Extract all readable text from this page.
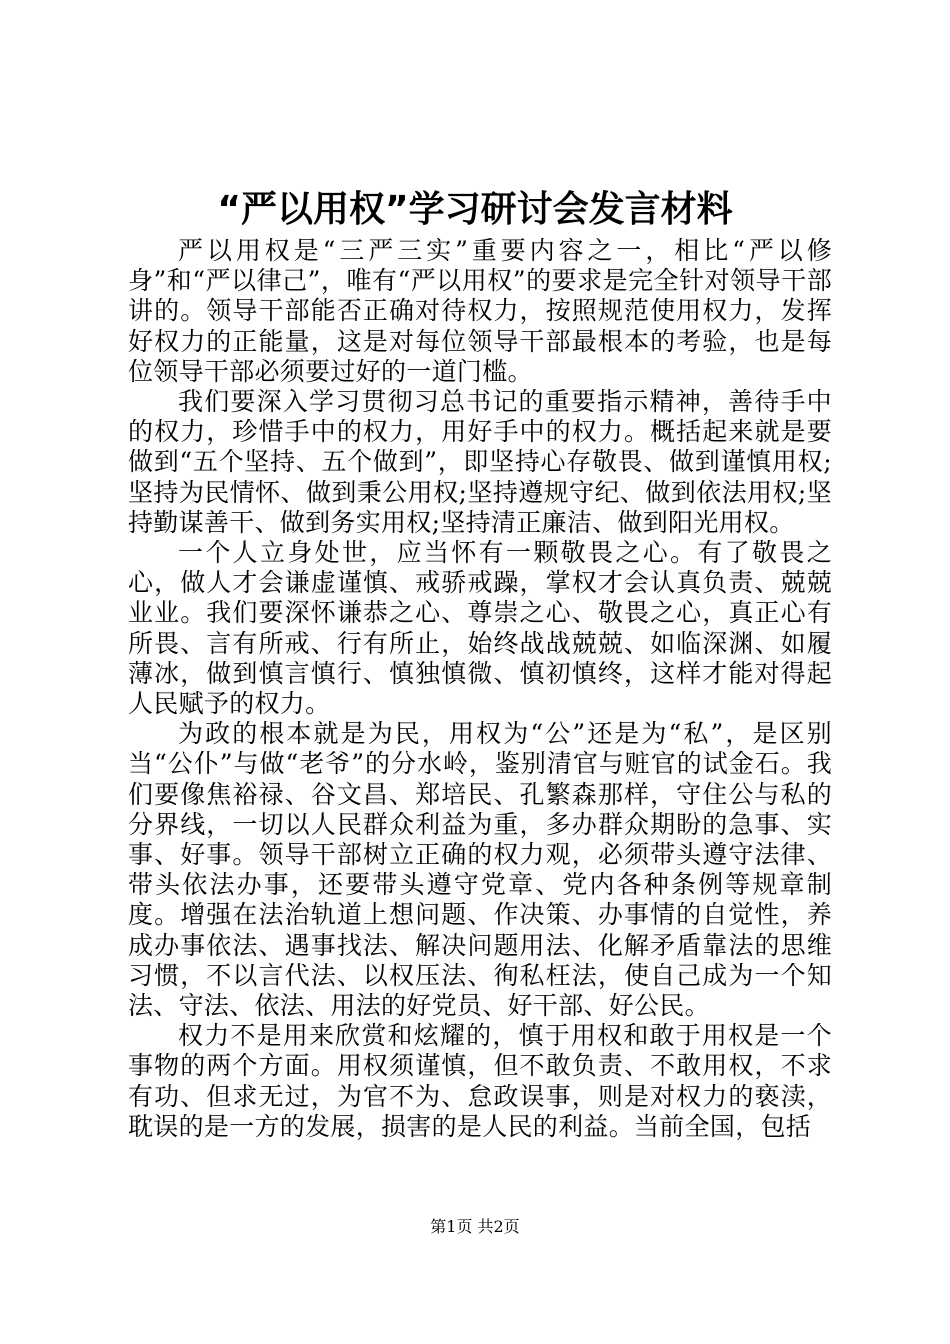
“严以用权”学习研讨会发言材料

严以用权是“三严三实”重要内容之一，相比“严以修身”和“严以律己”，唯有“严以用权”的要求是完全针对领导干部讲的。领导干部能否正确对待权力，按照规范使用权力，发挥好权力的正能量，这是对每位领导干部最根本的考验，也是每位领导干部必须要过好的一道门槛。

我们要深入学习贯彻习总书记的重要指示精神，善待手中的权力，珍惜手中的权力，用好手中的权力。概括起来就是要做到“五个坚持、五个做到”，即坚持心存敬畏、做到谨慎用权;坚持为民情怀、做到秉公用权;坚持遵规守纪、做到依法用权;坚持勤谋善干、做到务实用权;坚持清正廉洁、做到阳光用权。

一个人立身处世，应当怀有一颗敬畏之心。有了敬畏之心，做人才会谦虚谨慎、戒骄戒躁，掌权才会认真负责、兢兢业业。我们要深怀谦恭之心、尊崇之心、敬畏之心，真正心有所畏、言有所戒、行有所止，始终战战兢兢、如临深渊、如履薄冰，做到慎言慎行、慎独慎微、慎初慎终，这样才能对得起人民赋予的权力。

为政的根本就是为民，用权为“公”还是为“私”，是区别当“公仆”与做“老爷”的分水岭，鉴别清官与赃官的试金石。我们要像焦裕禄、谷文昌、郑培民、孔繁森那样，守住公与私的分界线，一切以人民群众利益为重，多办群众期盼的急事、实事、好事。领导干部树立正确的权力观，必须带头遵守法律、带头依法办事，还要带头遵守党章、党内各种条例等规章制度。增强在法治轨道上想问题、作决策、办事情的自觉性，养成办事依法、遇事找法、解决问题用法、化解矛盾靠法的思维习惯，不以言代法、以权压法、徇私枉法，使自己成为一个知法、守法、依法、用法的好党员、好干部、好公民。

权力不是用来欣赏和炫耀的，慎于用权和敢于用权是一个事物的两个方面。用权须谨慎，但不敢负责、不敢用权，不求有功、但求无过，为官不为、怠政误事，则是对权力的亵渎，耽误的是一方的发展，损害的是人民的利益。当前全国，包括

第1页 共2页
